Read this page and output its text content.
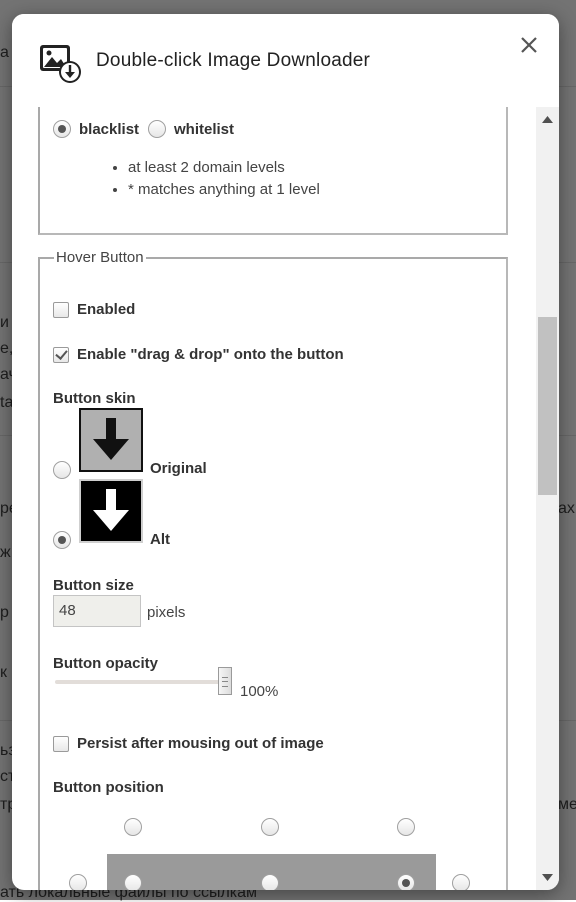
Double-click Image Downloader
blacklist whitelist
• at least 2 domain levels
• * matches anything at 1 level
Hover Button
Enabled
Enable "drag & drop" onto the button
Button skin
Original
Alt
Button size
48	pixels
Button opacity
100%
Persist after mousing out of image
Button position
